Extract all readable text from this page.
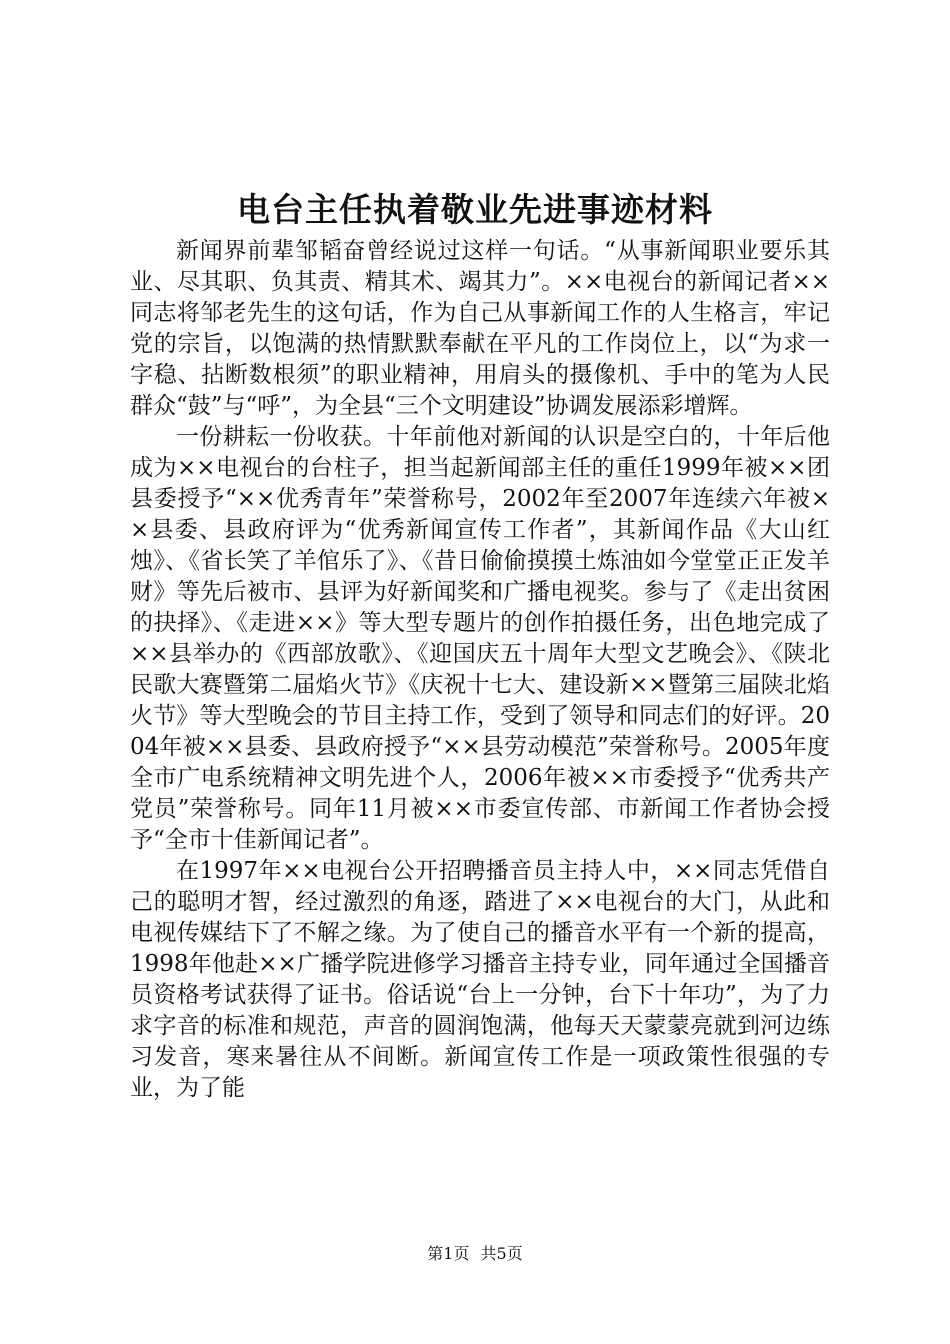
电台主任执着敬业先进事迹材料

新闻界前辈邹韬奋曾经说过这样一句话。“从事新闻职业要乐其业、尽其职、负其责、精其术、竭其力”。××电视台的新闻记者××同志将邹老先生的这句话，作为自己从事新闻工作的人生格言，牢记党的宗旨，以饱满的热情默默奉献在平凡的工作岗位上，以“为求一字稳、拈断数根须”的职业精神，用肩头的摄像机、手中的笔为人民群众“鼓”与“呼”，为全县“三个文明建设”协调发展添彩增辉。

一份耕耘一份收获。十年前他对新闻的认识是空白的，十年后他成为××电视台的台柱子，担当起新闻部主任的重任1999年被××团县委授予“××优秀青年”荣誉称号，2002年至2007年连续六年被××县委、县政府评为“优秀新闻宣传工作者”，其新闻作品《大山红烛》、《省长笑了羊倌乐了》、《昔日偷偷摸摸土炼油如今堂堂正正发羊财》等先后被市、县评为好新闻奖和广播电视奖。参与了《走出贫困的抉择》、《走进××》等大型专题片的创作拍摄任务，出色地完成了××县举办的《西部放歌》、《迎国庆五十周年大型文艺晚会》、《陕北民歌大赛暨第二届焰火节》《庆祝十七大、建设新××暨第三届陕北焰火节》等大型晚会的节目主持工作，受到了领导和同志们的好评。2004年被××县委、县政府授予“××县劳动模范”荣誉称号。2005年度全市广电系统精神文明先进个人，2006年被××市委授予“优秀共产党员”荣誉称号。同年11月被××市委宣传部、市新闻工作者协会授予“全市十佳新闻记者”。

在1997年××电视台公开招聘播音员主持人中，××同志凭借自己的聪明才智，经过激烈的角逐，踏进了××电视台的大门，从此和电视传媒结下了不解之缘。为了使自己的播音水平有一个新的提高，1998年他赴××广播学院进修学习播音主持专业，同年通过全国播音员资格考试获得了证书。俗话说“台上一分钟，台下十年功”，为了力求字音的标准和规范，声音的圆润饱满，他每天天蒙蒙亮就到河边练习发音，寒来暑往从不间断。新闻宣传工作是一项政策性很强的专业，为了能

第1页 共5页
